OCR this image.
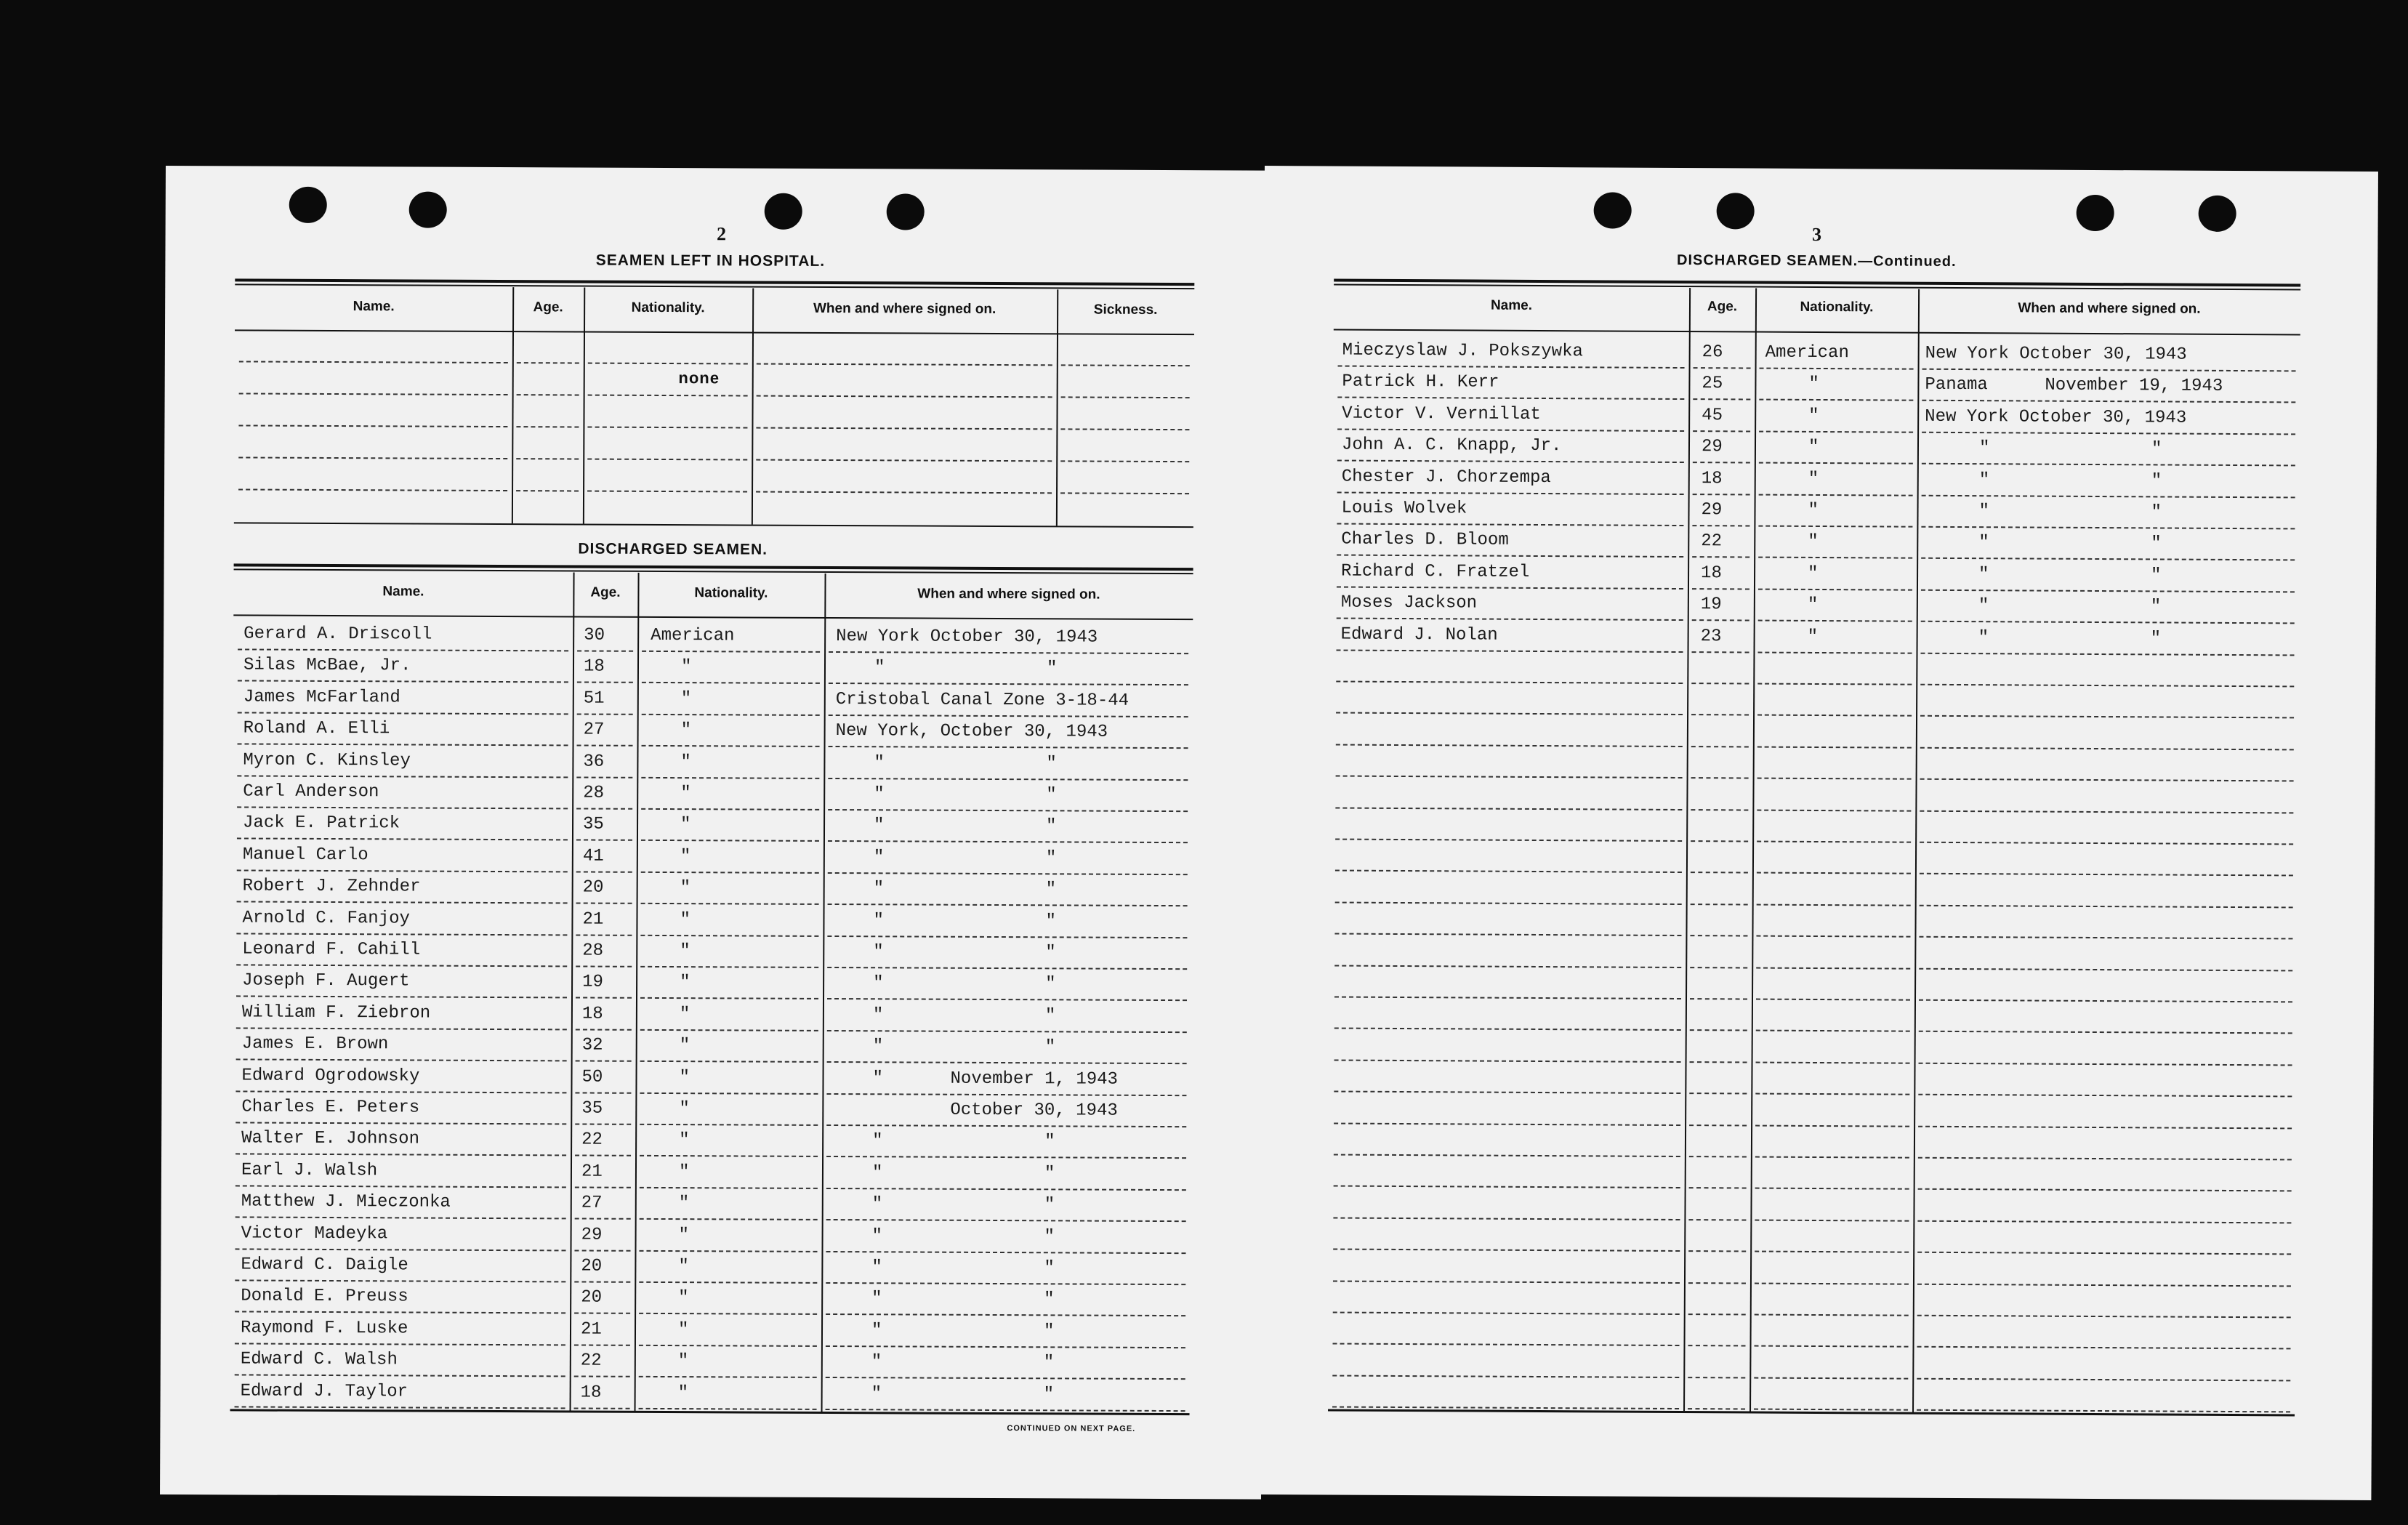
2
SEAMEN LEFT IN HOSPITAL.
Name.	Age.	Nationality.	When and where signed on.	Sickness.
none
DISCHARGED SEAMEN.
Name.	Age.	Nationality.	When and where signed on.
Gerard A. Driscoll	30	American	New York October 30, 1943
Silas McBae, Jr.	18	"	"	"
James McFarland	51	"	Cristobal Canal Zone 3-18-44
Roland A. Elli	27	"	New York, October 30, 1943
Myron C. Kinsley	36	"	"	"
Carl Anderson	28	"	"	"
Jack E. Patrick	35	"	"	"
Manuel Carlo	41	"	"	"
Robert J. Zehnder	20	"	"	"
Arnold C. Fanjoy	21	"	"	"
Leonard F. Cahill	28	"	"	"
Joseph F. Augert	19	"	"	"
William F. Ziebron	18	"	"	"
James E. Brown	32	"	"	"
Edward Ogrodowsky	50	"	"	November 1, 1943
Charles E. Peters	35	"	October 30, 1943
Walter E. Johnson	22	"	"	"
Earl J. Walsh	21	"	"	"
Matthew J. Mieczonka	27	"	"	"
Victor Madeyka	29	"	"	"
Edward C. Daigle	20	"	"	"
Donald E. Preuss	20	"	"	"
Raymond F. Luske	21	"	"	"
Edward C. Walsh	22	"	"	"
Edward J. Taylor	18	"	"	"
CONTINUED ON NEXT PAGE.
3
DISCHARGED SEAMEN.—Continued.
Name.	Age.	Nationality.	When and where signed on.
Mieczyslaw J. Pokszywka	26 American	New York October 30, 1943
Patrick H. Kerr	25	"	Panama	November 19, 1943
Victor V. Vernillat	45	"	New York October 30, 1943
John A. C. Knapp, Jr.	29	"	"	"
Chester J. Chorzempa	18	"	"	"
Louis Wolvek	29	"	"	"
Charles D. Bloom	22	"	"	"
Richard C. Fratzel	18	"	"	"
Moses Jackson	19	"	"	"
Edward J. Nolan	23	"	"	"
